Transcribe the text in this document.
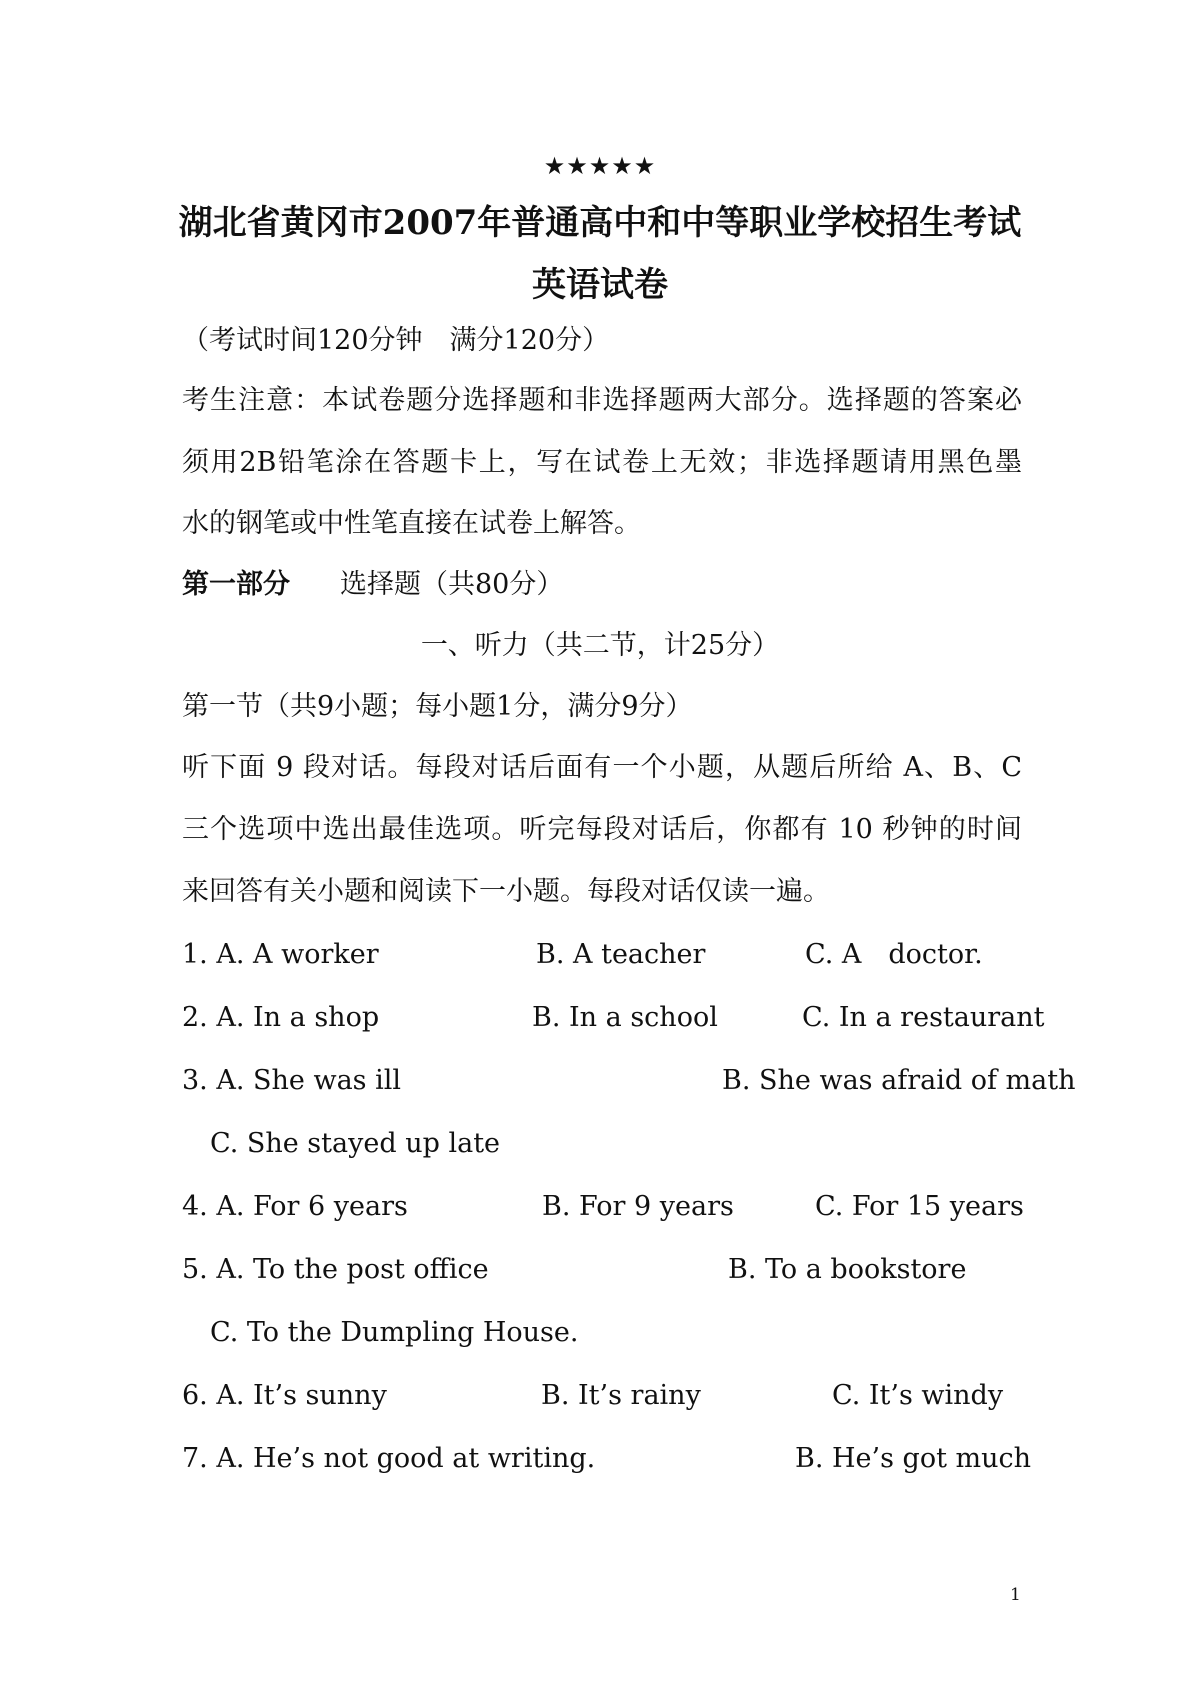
★★★★★
湖北省黄冈市2007年普通高中和中等职业学校招生考试
英语试卷
（考试时间120分钟　满分120分）
考生注意：本试卷题分选择题和非选择题两大部分。选择题的答案必
须用2B铅笔涂在答题卡上，写在试卷上无效；非选择题请用黑色墨
水的钢笔或中性笔直接在试卷上解答。
第一部分 选择题（共80分）
一、听力（共二节，计25分）
第一节（共9小题；每小题1分，满分9分）
听下面 9 段对话。每段对话后面有一个小题，从题后所给 A、B、C
三个选项中选出最佳选项。听完每段对话后，你都有 10 秒钟的时间
来回答有关小题和阅读下一小题。每段对话仅读一遍。
1. A. A worker	B. A teacher	C. A　doctor.
2. A. In a shop	B. In a school	C. In a restaurant
3. A. She was ill	B. She was afraid of math
C. She stayed up late
4. A. For 6 years	B. For 9 years	C. For 15 years
5. A. To the post office	B. To a bookstore
C. To the Dumpling House.
6. A. It’s sunny	B. It’s rainy	C. It’s windy
7. A. He’s not good at writing.	B. He’s got much
1
